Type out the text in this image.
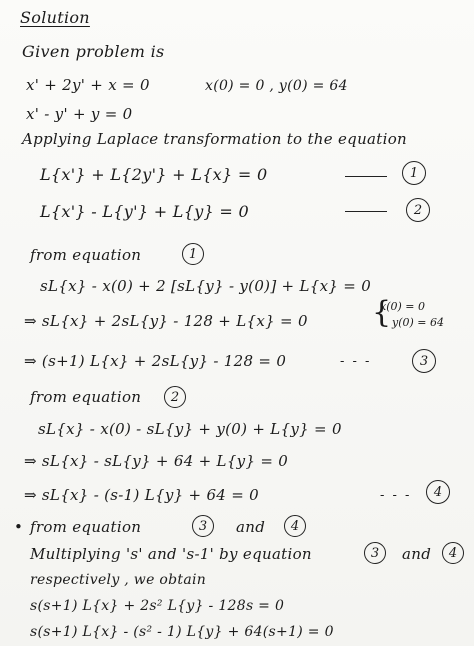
Solution
Given problem is
x' + 2y' + x = 0	x(0) = 0 , y(0) = 64
x' - y' + y = 0
Applying Laplace transformation to the equation
L{x'} + L{2y'} + L{x} = 0	1
L{x'} - L{y'} + L{y} = 0	2
from equation	1
sL{x} - x(0) + 2 [sL{y} - y(0)] + L{x} = 0
⇒ sL{x} + 2sL{y} - 128 + L{x} = 0
x(0) = 0
y(0) = 64
{
⇒ (s+1) L{x} + 2sL{y} - 128 = 0	- - -	3
from equation	2
sL{x} - x(0) - sL{y} + y(0) + L{y} = 0
⇒ sL{x} - sL{y} + 64 + L{y} = 0
⇒ sL{x} - (s-1) L{y} + 64 = 0	- - -	4
• from equation	3	and	4
Multiplying 's' and 's-1' by equation	3	and	4
respectively , we obtain
s(s+1) L{x} + 2s² L{y} - 128s = 0
s(s+1) L{x} - (s² - 1) L{y} + 64(s+1) = 0
